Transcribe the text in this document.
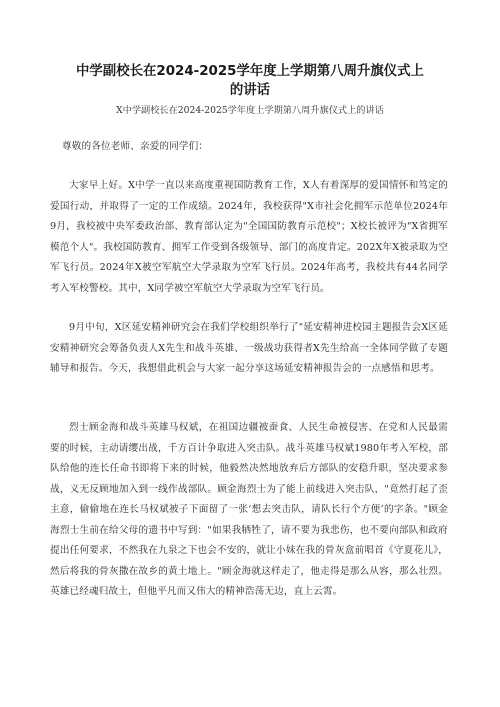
中学副校长在2024-2025学年度上学期第八周升旗仪式上的讲话

X中学副校长在2024-2025学年度上学期第八周升旗仪式上的讲话

尊敬的各位老师、亲爱的同学们：

大家早上好。X中学一直以来高度重视国防教育工作，X人有着深厚的爱国情怀和笃定的爱国行动，并取得了一定的工作成绩。2024年，我校获得"X市社会化拥军示范单位2024年9月，我校被中央军委政治部、教育部认定为"全国国防教育示范校"；X校长被评为"X省拥军模范个人"。我校国防教育、拥军工作受到各级领导、部门的高度肯定。202X年X被录取为空军飞行员。2024年X被空军航空大学录取为空军飞行员。2024年高考，我校共有44名同学考入军校警校。其中，X同学被空军航空大学录取为空军飞行员。

9月中旬，X区延安精神研究会在我们学校组织举行了"延安精神进校园主题报告会X区延安精神研究会筹备负责人X先生和战斗英雄、一级战功获得者X先生给高一全体同学做了专题辅导和报告。今天，我想借此机会与大家一起分享这场延安精神报告会的一点感悟和思考。

烈士顾金海和战斗英雄马权斌，在祖国边疆被蚕食、人民生命被侵害、在党和人民最需要的时候，主动请缨出战，千方百计争取进入突击队。战斗英雄马权斌1980年考入军校，部队给他的连长任命书即将下来的时候，他毅然决然地放弃后方部队的安稳升职，坚决要求参战，义无反顾地加入到一线作战部队。顾金海烈士为了能上前线进入突击队，"竟然打起了歪主意，偷偷地在连长马权斌被子下面留了一张‘想去突击队，请队长行个方便’的字条。"顾金海烈士生前在给父母的遗书中写到："如果我牺牲了，请不要为我悲伤，也不要向部队和政府提出任何要求，不然我在九泉之下也会不安的，就让小妹在我的骨灰盒前唱首《守夏花儿》，然后将我的骨灰撒在故乡的黄土地上。"顾金海就这样走了，他走得是那么从容，那么壮烈。英雄已经魂归故土，但他平凡而又伟大的精神浩荡无边，直上云霄。
